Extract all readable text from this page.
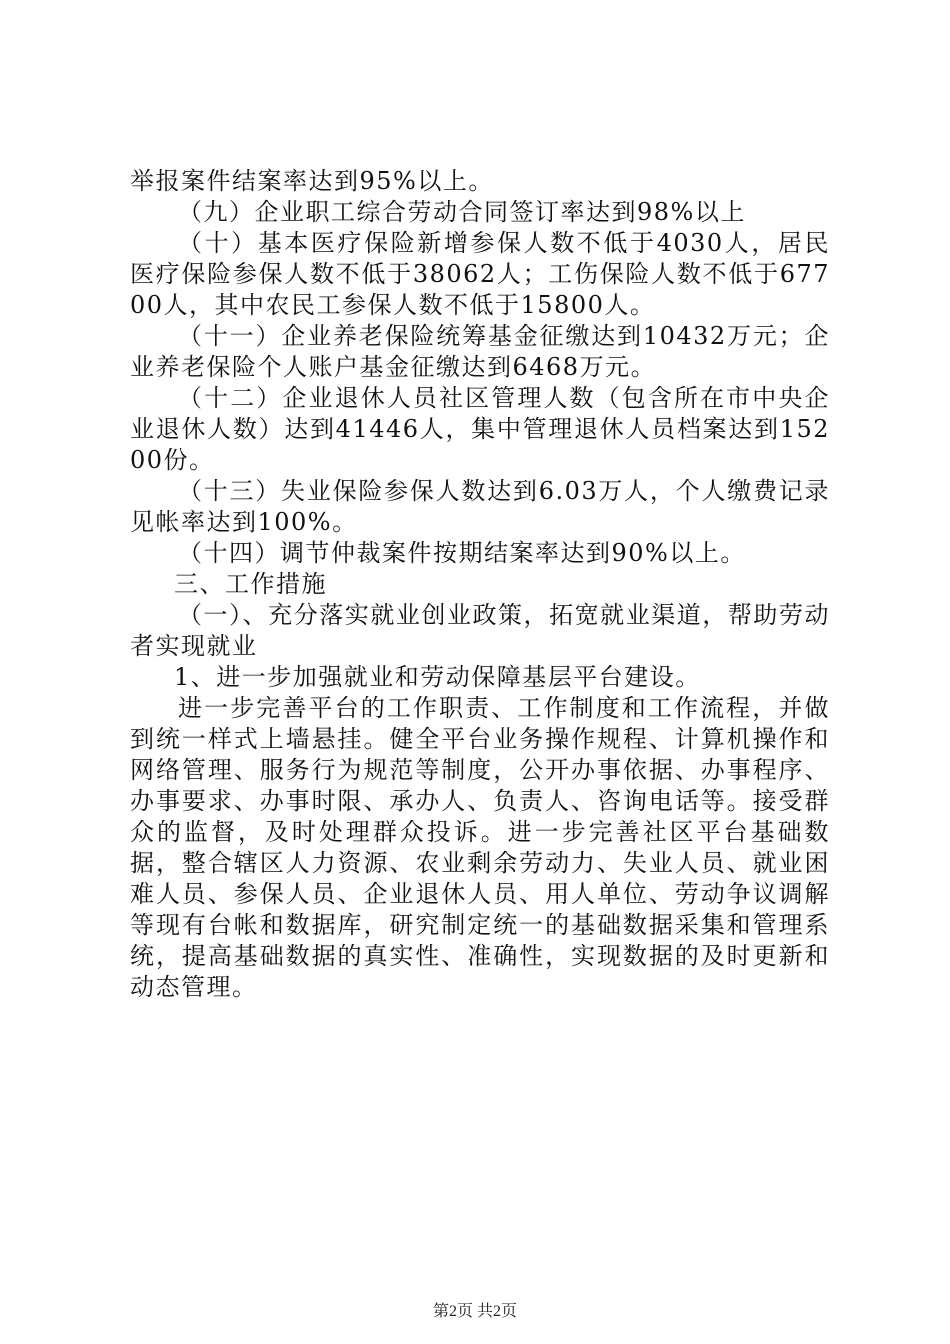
举报案件结案率达到95%以上。

（九）企业职工综合劳动合同签订率达到98%以上

（十）基本医疗保险新增参保人数不低于4030人，居民医疗保险参保人数不低于38062人；工伤保险人数不低于67700人，其中农民工参保人数不低于15800人。

（十一）企业养老保险统筹基金征缴达到10432万元；企业养老保险个人账户基金征缴达到6468万元。

（十二）企业退休人员社区管理人数（包含所在市中央企业退休人数）达到41446人，集中管理退休人员档案达到15200份。

（十三）失业保险参保人数达到6.03万人，个人缴费记录见帐率达到100%。

（十四）调节仲裁案件按期结案率达到90%以上。

三、工作措施

（一）、充分落实就业创业政策，拓宽就业渠道，帮助劳动者实现就业

1、进一步加强就业和劳动保障基层平台建设。

进一步完善平台的工作职责、工作制度和工作流程，并做到统一样式上墙悬挂。健全平台业务操作规程、计算机操作和网络管理、服务行为规范等制度，公开办事依据、办事程序、办事要求、办事时限、承办人、负责人、咨询电话等。接受群众的监督，及时处理群众投诉。进一步完善社区平台基础数据，整合辖区人力资源、农业剩余劳动力、失业人员、就业困难人员、参保人员、企业退休人员、用人单位、劳动争议调解等现有台帐和数据库，研究制定统一的基础数据采集和管理系统，提高基础数据的真实性、准确性，实现数据的及时更新和动态管理。

第2页 共2页
